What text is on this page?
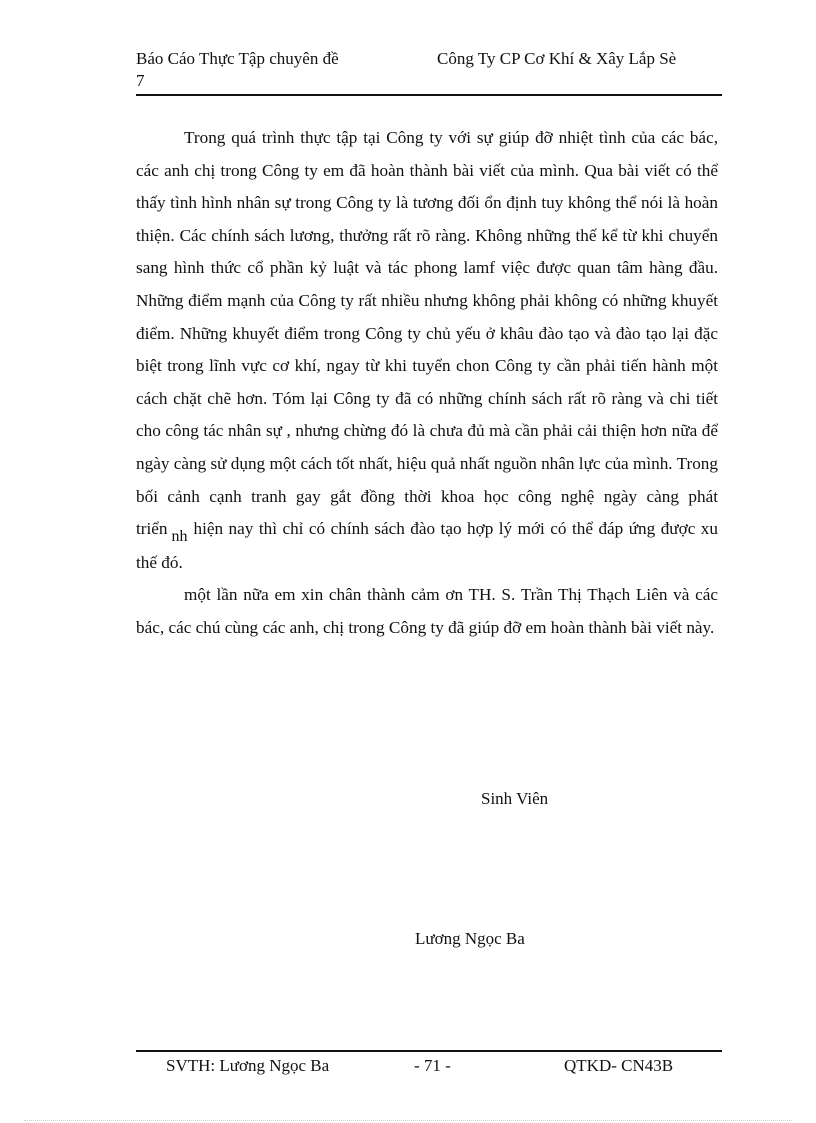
Báo Cáo Thực Tập chuyên đề
7
Công Ty CP Cơ Khí & Xây Lắp Sè

Trong quá trình thực tập tại Công ty với sự giúp đỡ nhiệt tình của các bác, các anh chị trong Công ty em đã hoàn thành bài viết của mình. Qua bài viết có thể thấy tình hình nhân sự trong Công ty là tương đối ổn định tuy không thể nói là hoàn thiện. Các chính sách lương, thưởng rất rõ ràng. Không những thế kể từ khi chuyển sang hình thức cổ phần kỷ luật và tác phong lamf việc được quan tâm hàng đầu. Những điểm mạnh của Công ty rất nhiều nhưng không phải không có những khuyết điểm. Những khuyết điểm trong Công ty chủ yếu ở khâu đào tạo và đào tạo lại đặc biệt trong lĩnh vực cơ khí, ngay từ khi tuyển chon Công ty cần phải tiến hành một cách chặt chẽ hơn. Tóm lại Công ty đã có những chính sách rất rõ ràng và chi tiết cho công tác nhân sự , nhưng chừng đó là chưa đủ mà cần phải cải thiện hơn nữa để ngày càng sử dụng một cách tốt nhất, hiệu quả nhất nguồn nhân lực của mình. Trong bối cảnh cạnh tranh gay gắt đồng thời khoa học công nghệ ngày càng phát triển nh hiện nay thì chỉ có chính sách đào tạo hợp lý mới có thể đáp ứng được xu thế đó.

một lần nữa em xin chân thành cảm ơn TH. S. Trần Thị Thạch Liên và các bác, các chú cùng các anh, chị trong Công ty đã giúp đỡ em hoàn thành bài viết này.

Sinh Viên
Lương Ngọc Ba
SVTH: Lương Ngọc Ba	- 71 -	QTKD- CN43B
